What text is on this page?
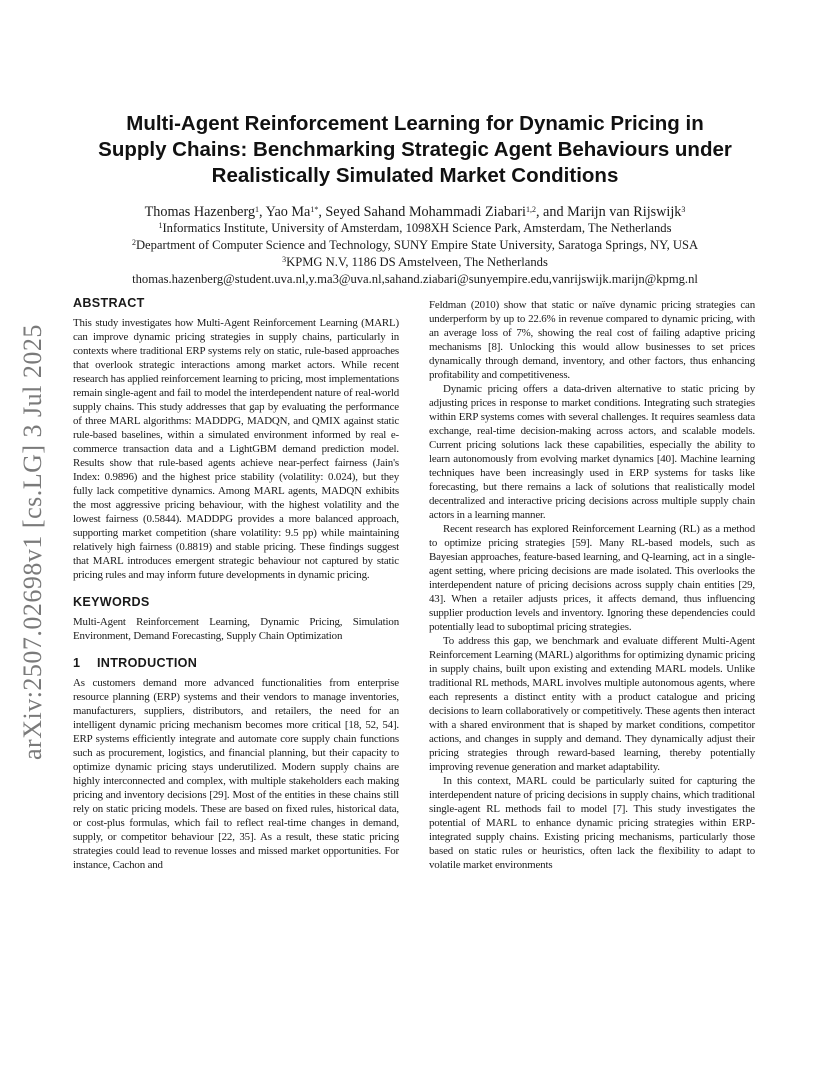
arXiv:2507.02698v1 [cs.LG] 3 Jul 2025
Multi-Agent Reinforcement Learning for Dynamic Pricing in
Supply Chains: Benchmarking Strategic Agent Behaviours under
Realistically Simulated Market Conditions
Thomas Hazenberg$^1$, Yao $Ma^{1*}$, Seyed Sahand Mohammadi Ziabari$^{1,2}$, and Marijn van Rijswijk$^3$
$^1$Informatics Institute, University of Amsterdam, 1098XH Science Park, Amsterdam, The Netherlands
$^2$Department of Computer Science and Technology, SUNY Empire State University, Saratoga Springs, NY, USA
$^3$KPMG N.V, 1186 DS Amstelveen, The Netherlands
thomas.hazenberg@student.uva.nl,y.ma3@uva.nl,sahand.ziabari@sunyempire.edu,vanrijswijk.marijn@kpmg.nl
ABSTRACT

This study investigates how Multi-Agent Reinforcement Learning (MARL) can improve dynamic pricing strategies in supply chains, particularly in contexts where traditional ERP systems rely on static, rule-based approaches that overlook strategic interactions among market actors. While recent research has applied reinforcement learning to pricing, most implementations remain single-agent and fail to model the interdependent nature of real-world supply chains. This study addresses that gap by evaluating the performance of three MARL algorithms: MADDPG, MADQN, and QMIX against static rule-based baselines, within a simulated environment informed by real e-commerce transaction data and a LightGBM demand prediction model. Results show that rule-based agents achieve near-perfect fairness (Jain's Index: 0.9896) and the highest price stability (volatility: 0.024), but they fully lack competitive dynamics. Among MARL agents, MADQN exhibits the most aggressive pricing behaviour, with the highest volatility and the lowest fairness (0.5844). MADDPG provides a more balanced approach, supporting market competition (share volatility: 9.5 pp) while maintaining relatively high fairness (0.8819) and stable pricing. These findings suggest that MARL introduces emergent strategic behaviour not captured by static pricing rules and may inform future developments in dynamic pricing.

KEYWORDS

Multi-Agent Reinforcement Learning, Dynamic Pricing, Simulation Environment, Demand Forecasting, Supply Chain Optimization

1 INTRODUCTION

As customers demand more advanced functionalities from enterprise resource planning (ERP) systems and their vendors to manage inventories, manufacturers, suppliers, distributors, and retailers, the need for an intelligent dynamic pricing mechanism becomes more critical [18, 52, 54]. ERP systems efficiently integrate and automate core supply chain functions such as procurement, logistics, and financial planning, but their capacity to optimize dynamic pricing stays underutilized. Modern supply chains are highly interconnected and complex, with multiple stakeholders each making pricing and inventory decisions [29]. Most of the entities in these chains still rely on static pricing models. These are based on fixed rules, historical data, or cost-plus formulas, which fail to reflect real-time changes in demand, supply, or competitor behaviour [22, 35]. As a result, these static pricing strategies could lead to revenue losses and missed market opportunities. For instance, Cachon and

Feldman (2010) show that static or naïve dynamic pricing strategies can underperform by up to 22.6% in revenue compared to dynamic pricing, with an average loss of 7%, showing the real cost of failing adaptive pricing mechanisms [8]. Unlocking this would allow businesses to set prices dynamically through demand, inventory, and other factors, thus enhancing profitability and competitiveness.

Dynamic pricing offers a data-driven alternative to static pricing by adjusting prices in response to market conditions. Integrating such strategies within ERP systems comes with several challenges. It requires seamless data exchange, real-time decision-making across actors, and scalable models. Current pricing solutions lack these capabilities, especially the ability to learn autonomously from evolving market dynamics [40]. Machine learning techniques have been increasingly used in ERP systems for tasks like forecasting, but there remains a lack of solutions that realistically model decentralized and interactive pricing decisions across multiple supply chain actors in a learning manner.

Recent research has explored Reinforcement Learning (RL) as a method to optimize pricing strategies [59]. Many RL-based models, such as Bayesian approaches, feature-based learning, and Q-learning, act in a single-agent setting, where pricing decisions are made isolated. This overlooks the interdependent nature of pricing decisions across supply chain entities [29, 43]. When a retailer adjusts prices, it affects demand, thus influencing supplier production levels and inventory. Ignoring these dependencies could potentially lead to suboptimal pricing strategies.

To address this gap, we benchmark and evaluate different Multi-Agent Reinforcement Learning (MARL) algorithms for optimizing dynamic pricing in supply chains, built upon existing and extending MARL models. Unlike traditional RL methods, MARL involves multiple autonomous agents, where each represents a distinct entity with a product catalogue and pricing decisions to learn collaboratively or competitively. These agents then interact with a shared environment that is shaped by market conditions, competitor actions, and changes in supply and demand. They dynamically adjust their pricing strategies through reward-based learning, thereby potentially improving revenue generation and market adaptability.

In this context, MARL could be particularly suited for capturing the interdependent nature of pricing decisions in supply chains, which traditional single-agent RL methods fail to model [7]. This study investigates the potential of MARL to enhance dynamic pricing strategies within ERP-integrated supply chains. Existing pricing mechanisms, particularly those based on static rules or heuristics, often lack the flexibility to adapt to volatile market environments
